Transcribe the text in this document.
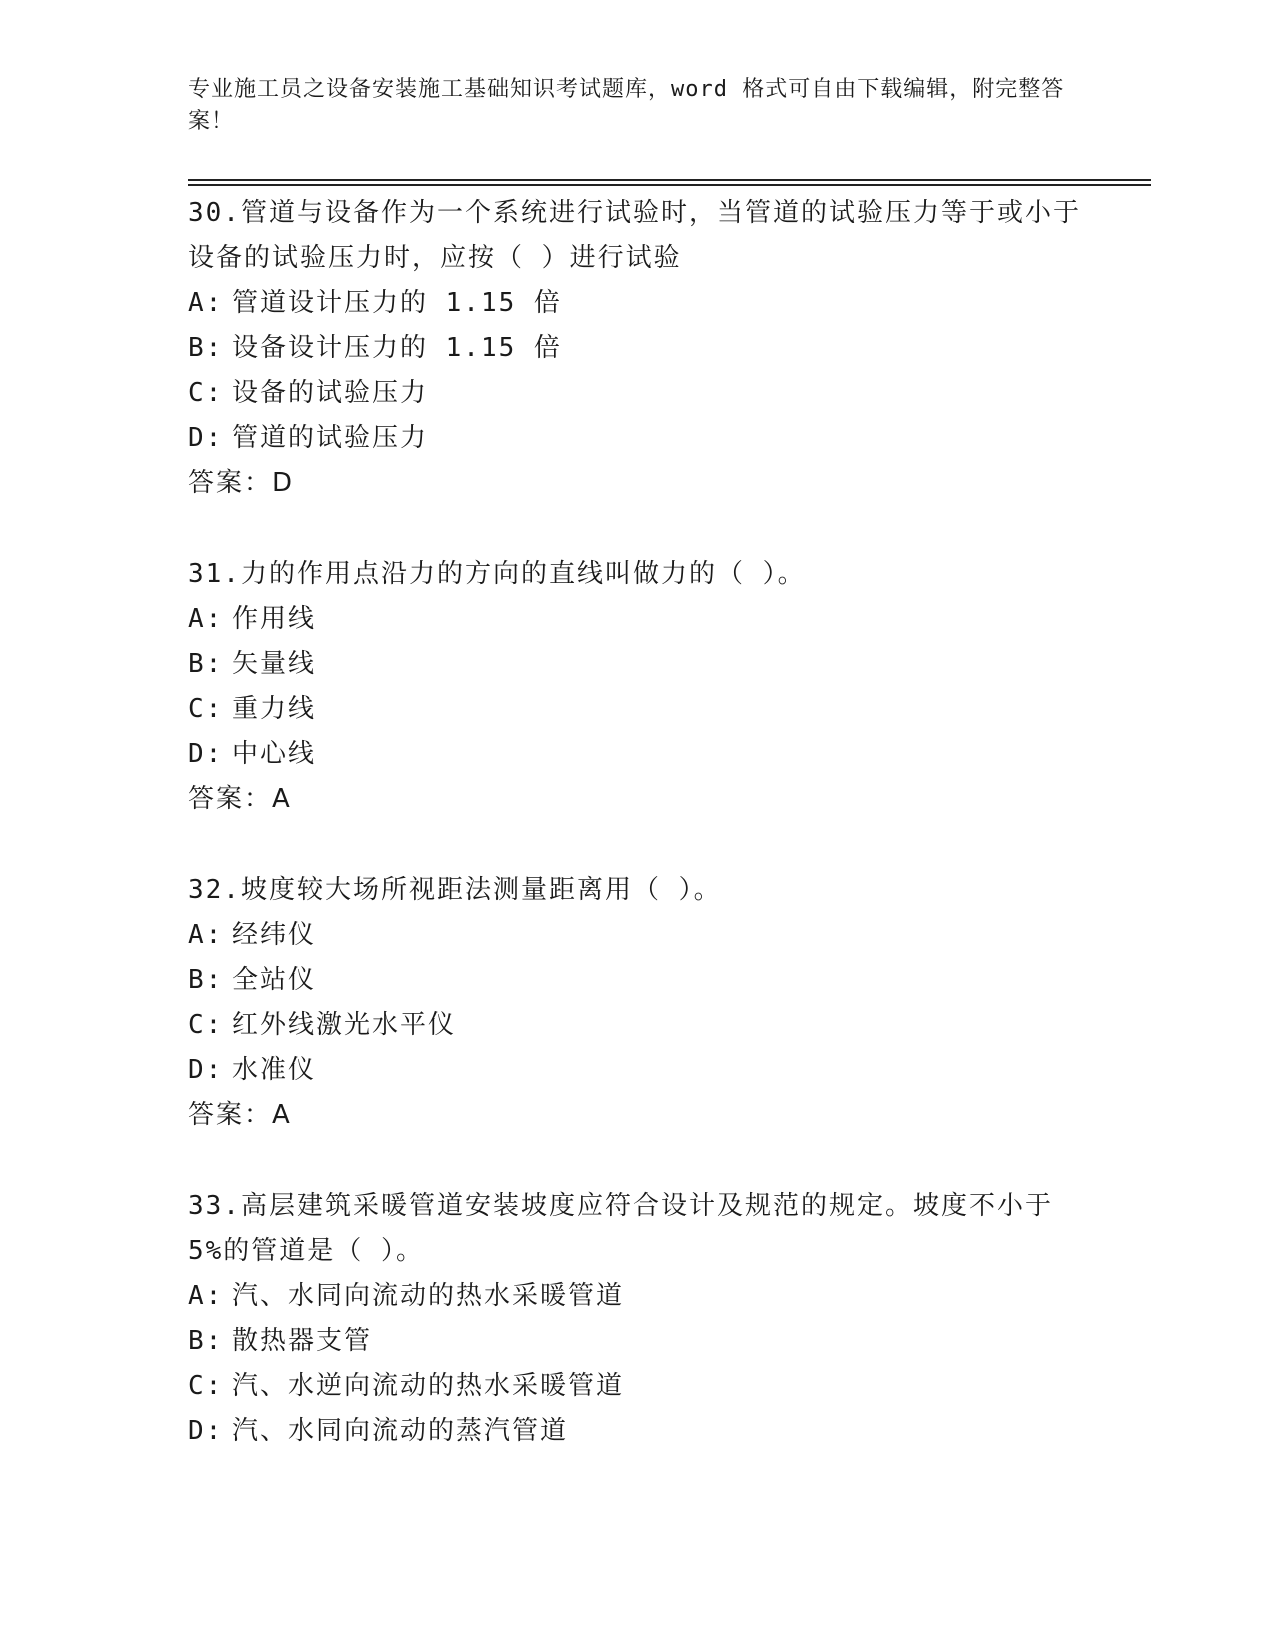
专业施工员之设备安装施工基础知识考试题库，word 格式可自由下载编辑，附完整答案！
30.管道与设备作为一个系统进行试验时，当管道的试验压力等于或小于设备的试验压力时，应按（ ）进行试验
A: 管道设计压力的 1.15 倍
B: 设备设计压力的 1.15 倍
C: 设备的试验压力
D: 管道的试验压力
答案：D
31.力的作用点沿力的方向的直线叫做力的（ ）。
A: 作用线
B: 矢量线
C: 重力线
D: 中心线
答案：A
32.坡度较大场所视距法测量距离用（ ）。
A: 经纬仪
B: 全站仪
C: 红外线激光水平仪
D: 水准仪
答案：A
33.高层建筑采暖管道安装坡度应符合设计及规范的规定。坡度不小于5%的管道是（ ）。
A: 汽、水同向流动的热水采暖管道
B: 散热器支管
C: 汽、水逆向流动的热水采暖管道
D: 汽、水同向流动的蒸汽管道
